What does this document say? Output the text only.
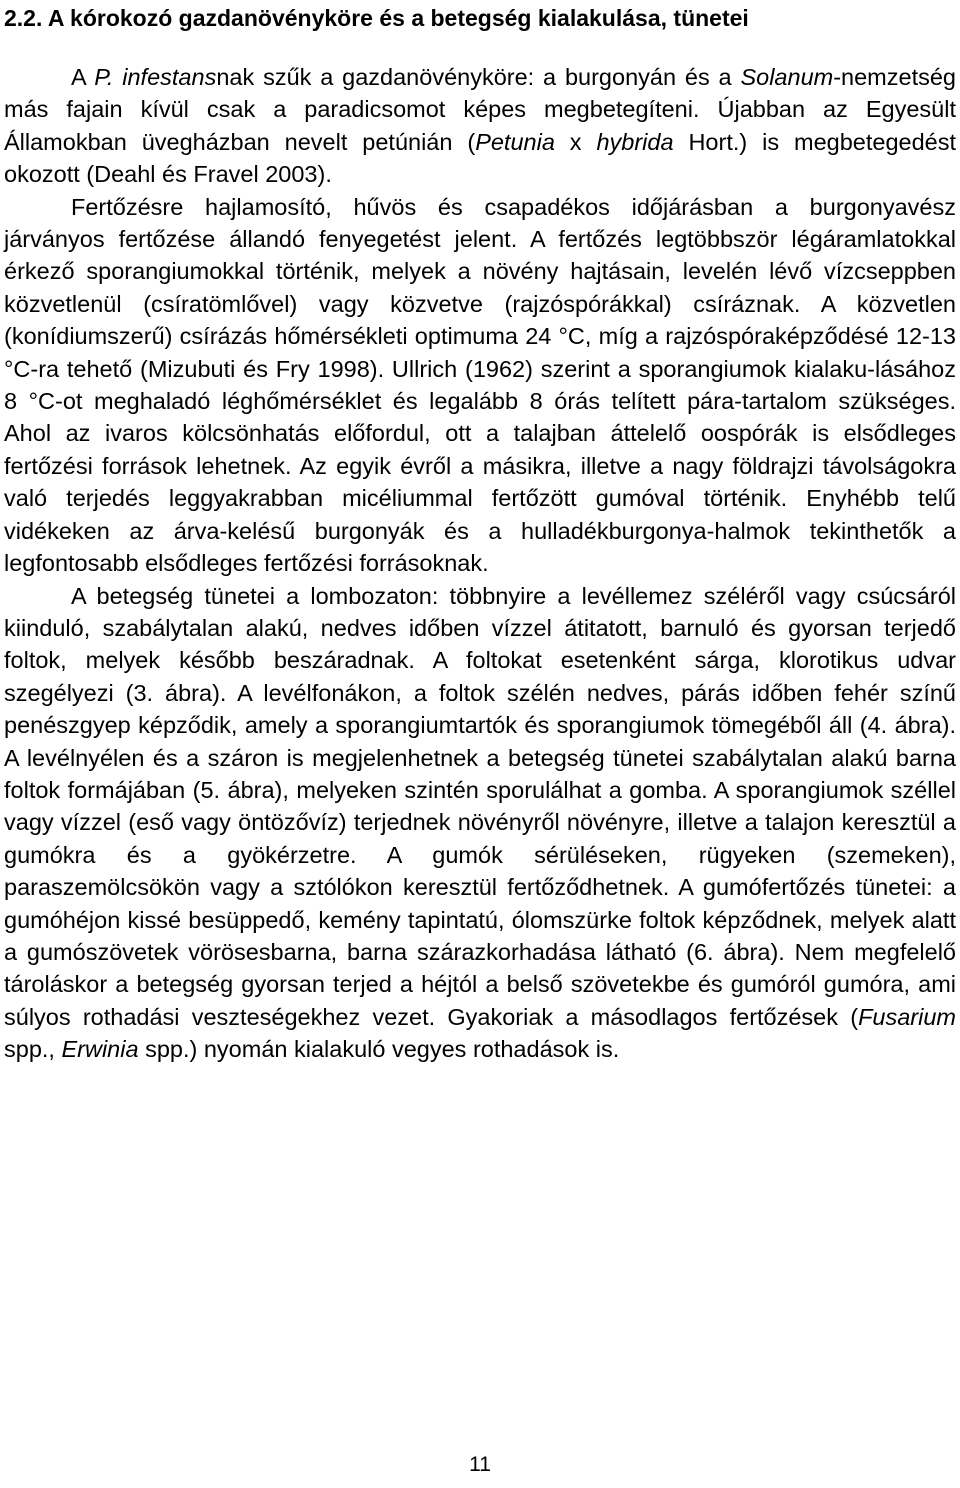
2.2. A kórokozó gazdanövénykörе és a betegség kialakulása, tünetei

A P. infestansnak szűk a gazdanövényköre: a burgonyán és a Solanum-nemzetség más fajain kívül csak a paradicsomot képes megbetegíteni. Újabban az Egyesült Államokban üvegházban nevelt petúnián (Petunia x hybrida Hort.) is megbetegedést okozott (Deahl és Fravel 2003).

Fertőzésre hajlamosító, hűvös és csapadékos időjárásban a burgonyavész járványos fertőzése állandó fenyegetést jelent. A fertőzés legtöbbször légáramlatokkal érkező sporangiumokkal történik, melyek a növény hajtásain, levelén lévő vízcseppben közvetlenül (csíratömlővel) vagy közvetve (rajzóspórákkal) csíráznak. A közvetlen (konídiumszerű) csírázás hőmérsékleti optimuma 24 °C, míg a rajzóspóraképződésé 12-13 °C-ra tehető (Mizubuti és Fry 1998). Ullrich (1962) szerint a sporangiumok kialaku-lásához 8 °C-ot meghaladó léghőmérséklet és legalább 8 órás telített pára-tartalom szükséges. Ahol az ivaros kölcsönhatás előfordul, ott a talajban áttelelő oospórák is elsődleges fertőzési források lehetnek. Az egyik évről a másikra, illetve a nagy földrajzi távolságokra való terjedés leggyakrabban micéliummal fertőzött gumóval történik. Enyhébb telű vidékeken az árva-kelésű burgonyák és a hulladékburgonya-halmok tekinthetők a legfontosabb elsődleges fertőzési forrásoknak.

A betegség tünetei a lombozaton: többnyire a levéllemez széléről vagy csúcsáról kiinduló, szabálytalan alakú, nedves időben vízzel átitatott, barnuló és gyorsan terjedő foltok, melyek később beszáradnak. A foltokat esetenként sárga, klorotikus udvar szegélyezi (3. ábra). A levélfonákon, a foltok szélén nedves, párás időben fehér színű penészgyep képződik, amely a sporangiumtartók és sporangiumok tömegéből áll (4. ábra). A levélnyélen és a száron is megjelenhetnek a betegség tünetei szabálytalan alakú barna foltok formájában (5. ábra), melyeken szintén sporulálhat a gomba. A sporangiumok széllel vagy vízzel (eső vagy öntözővíz) terjednek növényről növényre, illetve a talajon keresztül a gumókra és a gyökérzetre. A gumók sérüléseken, rügyeken (szemeken), paraszemölcsökön vagy a sztólókon keresztül fertőződhetnek. A gumófertőzés tünetei: a gumóhéjon kissé besüppedő, kemény tapintatú, ólomszürke foltok képződnek, melyek alatt a gumószövetek vörösesbarna, barna szárazkorhadása látható (6. ábra). Nem megfelelő tároláskor a betegség gyorsan terjed a héjtól a belső szövetekbe és gumóról gumóra, ami súlyos rothadási veszteségekhez vezet. Gyakoriak a másodlagos fertőzések (Fusarium spp., Erwinia spp.) nyomán kialakuló vegyes rothadások is.

11
